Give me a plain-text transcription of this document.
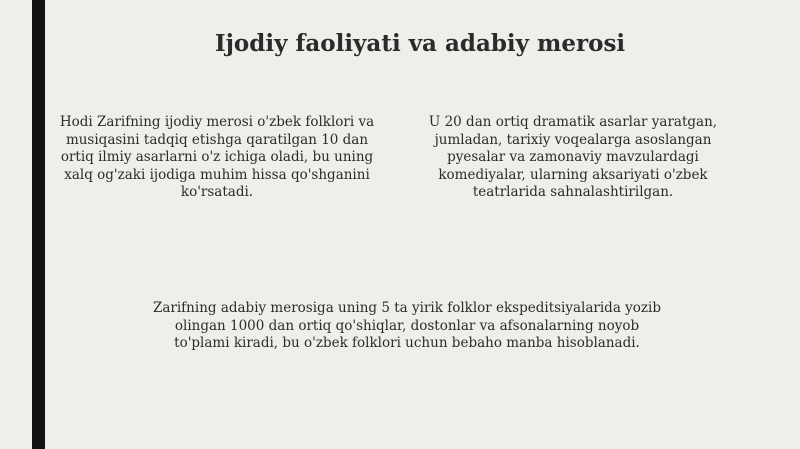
Ijodiy faoliyati va adabiy merosi

Hodi Zarifning ijodiy merosi o'zbek folklori va musiqasini tadqiq etishga qaratilgan 10 dan ortiq ilmiy asarlarni o'z ichiga oladi, bu uning xalq og'zaki ijodiga muhim hissa qo'shganini ko'rsatadi.

U 20 dan ortiq dramatik asarlar yaratgan, jumladan, tarixiy voqealarga asoslangan pyesalar va zamonaviy mavzulardagi komediyalar, ularning aksariyati o'zbek teatrlarida sahnalashtirilgan.

Zarifning adabiy merosiga uning 5 ta yirik folklor ekspeditsiyalarida yozib olingan 1000 dan ortiq qo'shiqlar, dostonlar va afsonalarning noyob to'plami kiradi, bu o'zbek folklori uchun bebaho manba hisoblanadi.
